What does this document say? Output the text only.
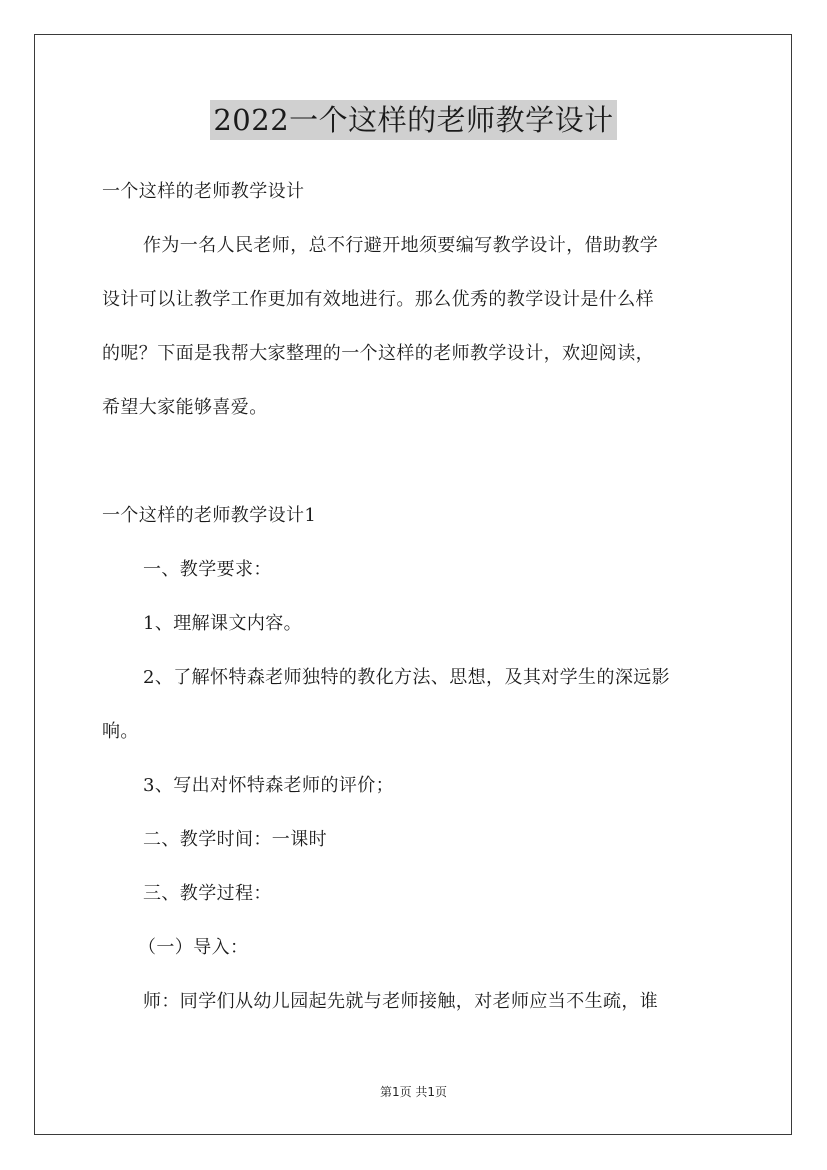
2022一个这样的老师教学设计

一个这样的老师教学设计

作为一名人民老师，总不行避开地须要编写教学设计，借助教学

设计可以让教学工作更加有效地进行。那么优秀的教学设计是什么样

的呢？下面是我帮大家整理的一个这样的老师教学设计，欢迎阅读，

希望大家能够喜爱。

一个这样的老师教学设计1

一、教学要求：

1、理解课文内容。

2、了解怀特森老师独特的教化方法、思想，及其对学生的深远影

响。

3、写出对怀特森老师的评价；

二、教学时间：一课时

三、教学过程：

（一）导入：

师：同学们从幼儿园起先就与老师接触，对老师应当不生疏，谁

第1页 共1页
